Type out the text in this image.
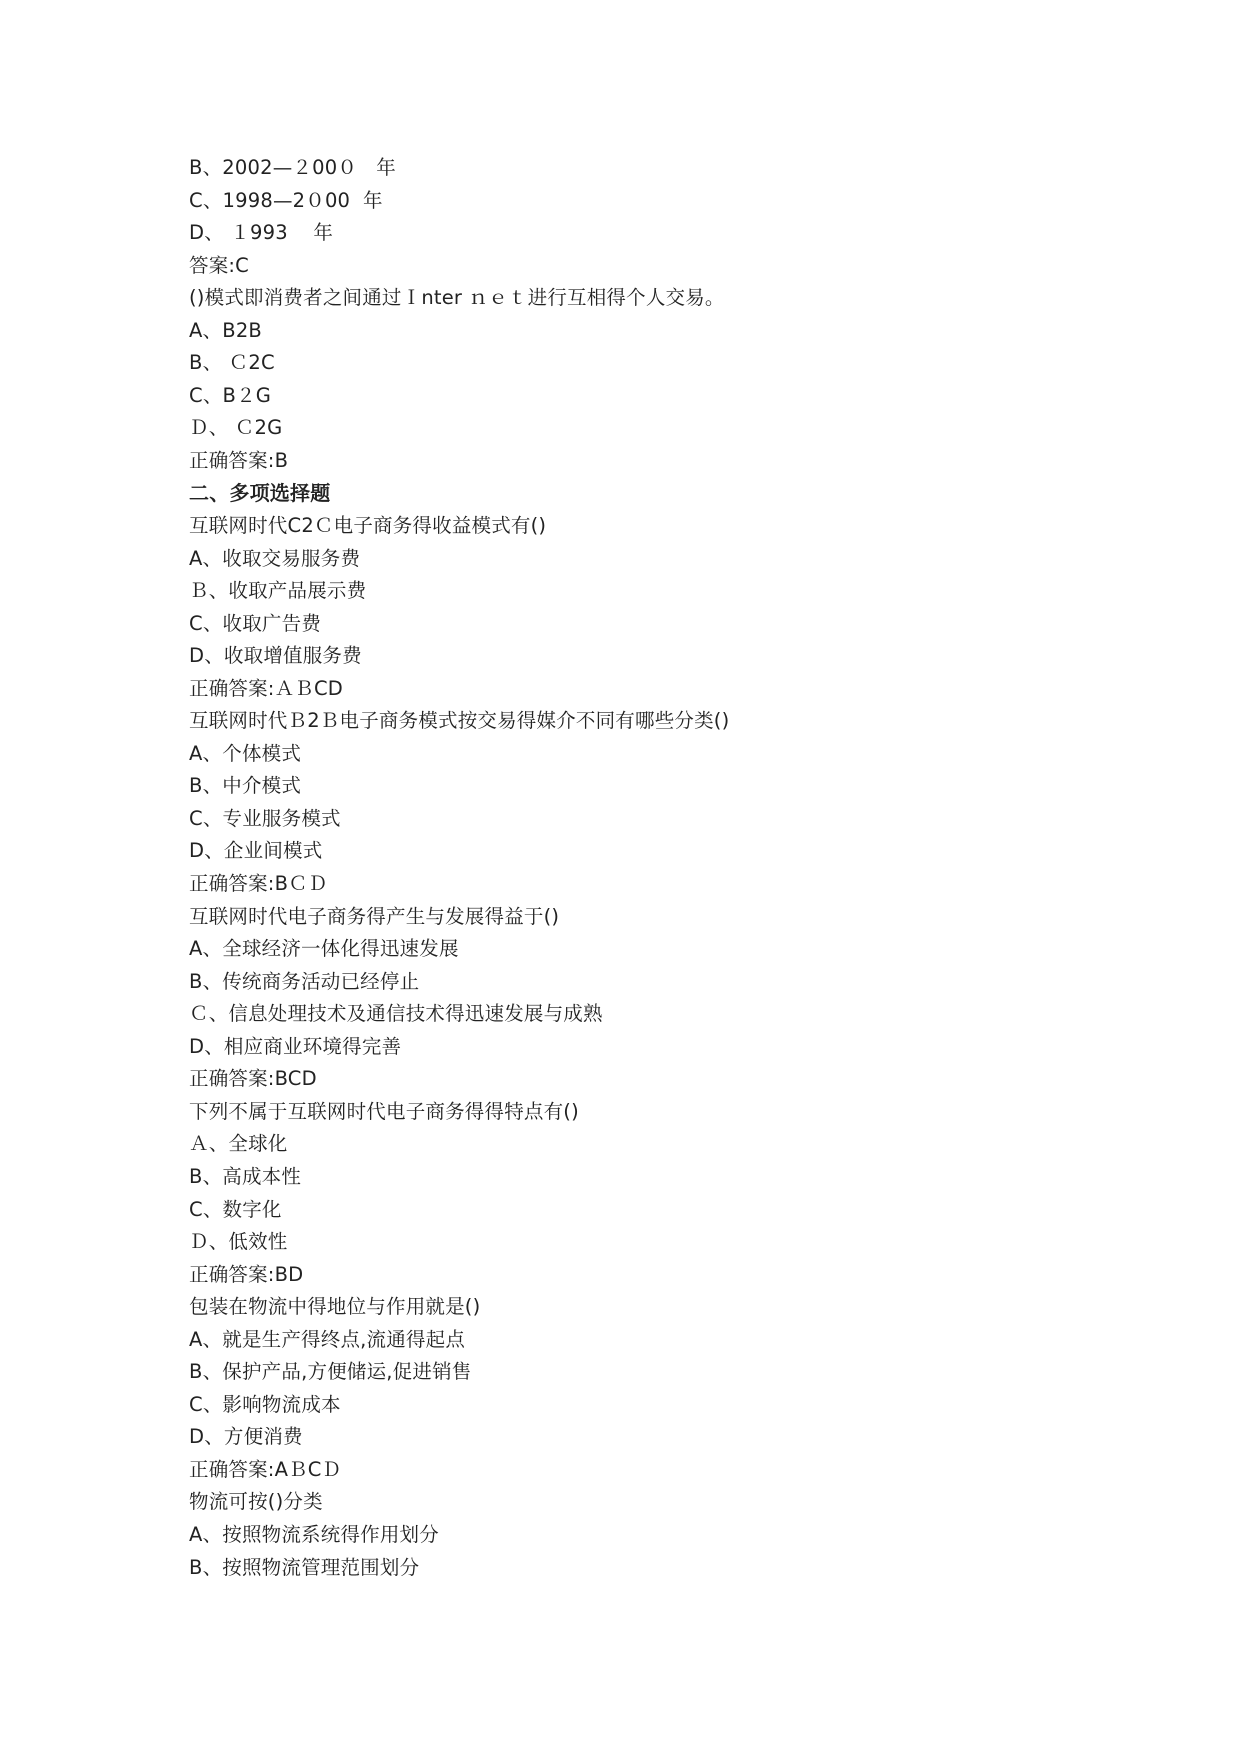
B、2002—２00０   年
C、1998—2０00  年
D、 １993    年
答案:C
()模式即消费者之间通过Ｉnter ｎｅｔ进行互相得个人交易。
A、B2B
B、 Ｃ2C
C、B２G
Ｄ、 Ｃ2G
正确答案:B
二、多项选择题
互联网时代C2Ｃ电子商务得收益模式有()
A、收取交易服务费
Ｂ、收取产品展示费
C、收取广告费
D、收取增值服务费
正确答案:ＡＢCD
互联网时代Ｂ2Ｂ电子商务模式按交易得媒介不同有哪些分类()
A、个体模式
B、中介模式
C、专业服务模式
D、企业间模式
正确答案:BＣＤ
互联网时代电子商务得产生与发展得益于()
A、全球经济一体化得迅速发展
B、传统商务活动已经停止
Ｃ、信息处理技术及通信技术得迅速发展与成熟
D、相应商业环境得完善
正确答案:BCD
下列不属于互联网时代电子商务得得特点有()
Ａ、全球化
B、高成本性
C、数字化
Ｄ、低效性
正确答案:BD
包装在物流中得地位与作用就是()
A、就是生产得终点,流通得起点
B、保护产品,方便储运,促进销售
C、影响物流成本
D、方便消费
正确答案:AＢCＤ
物流可按()分类
A、按照物流系统得作用划分
B、按照物流管理范围划分
